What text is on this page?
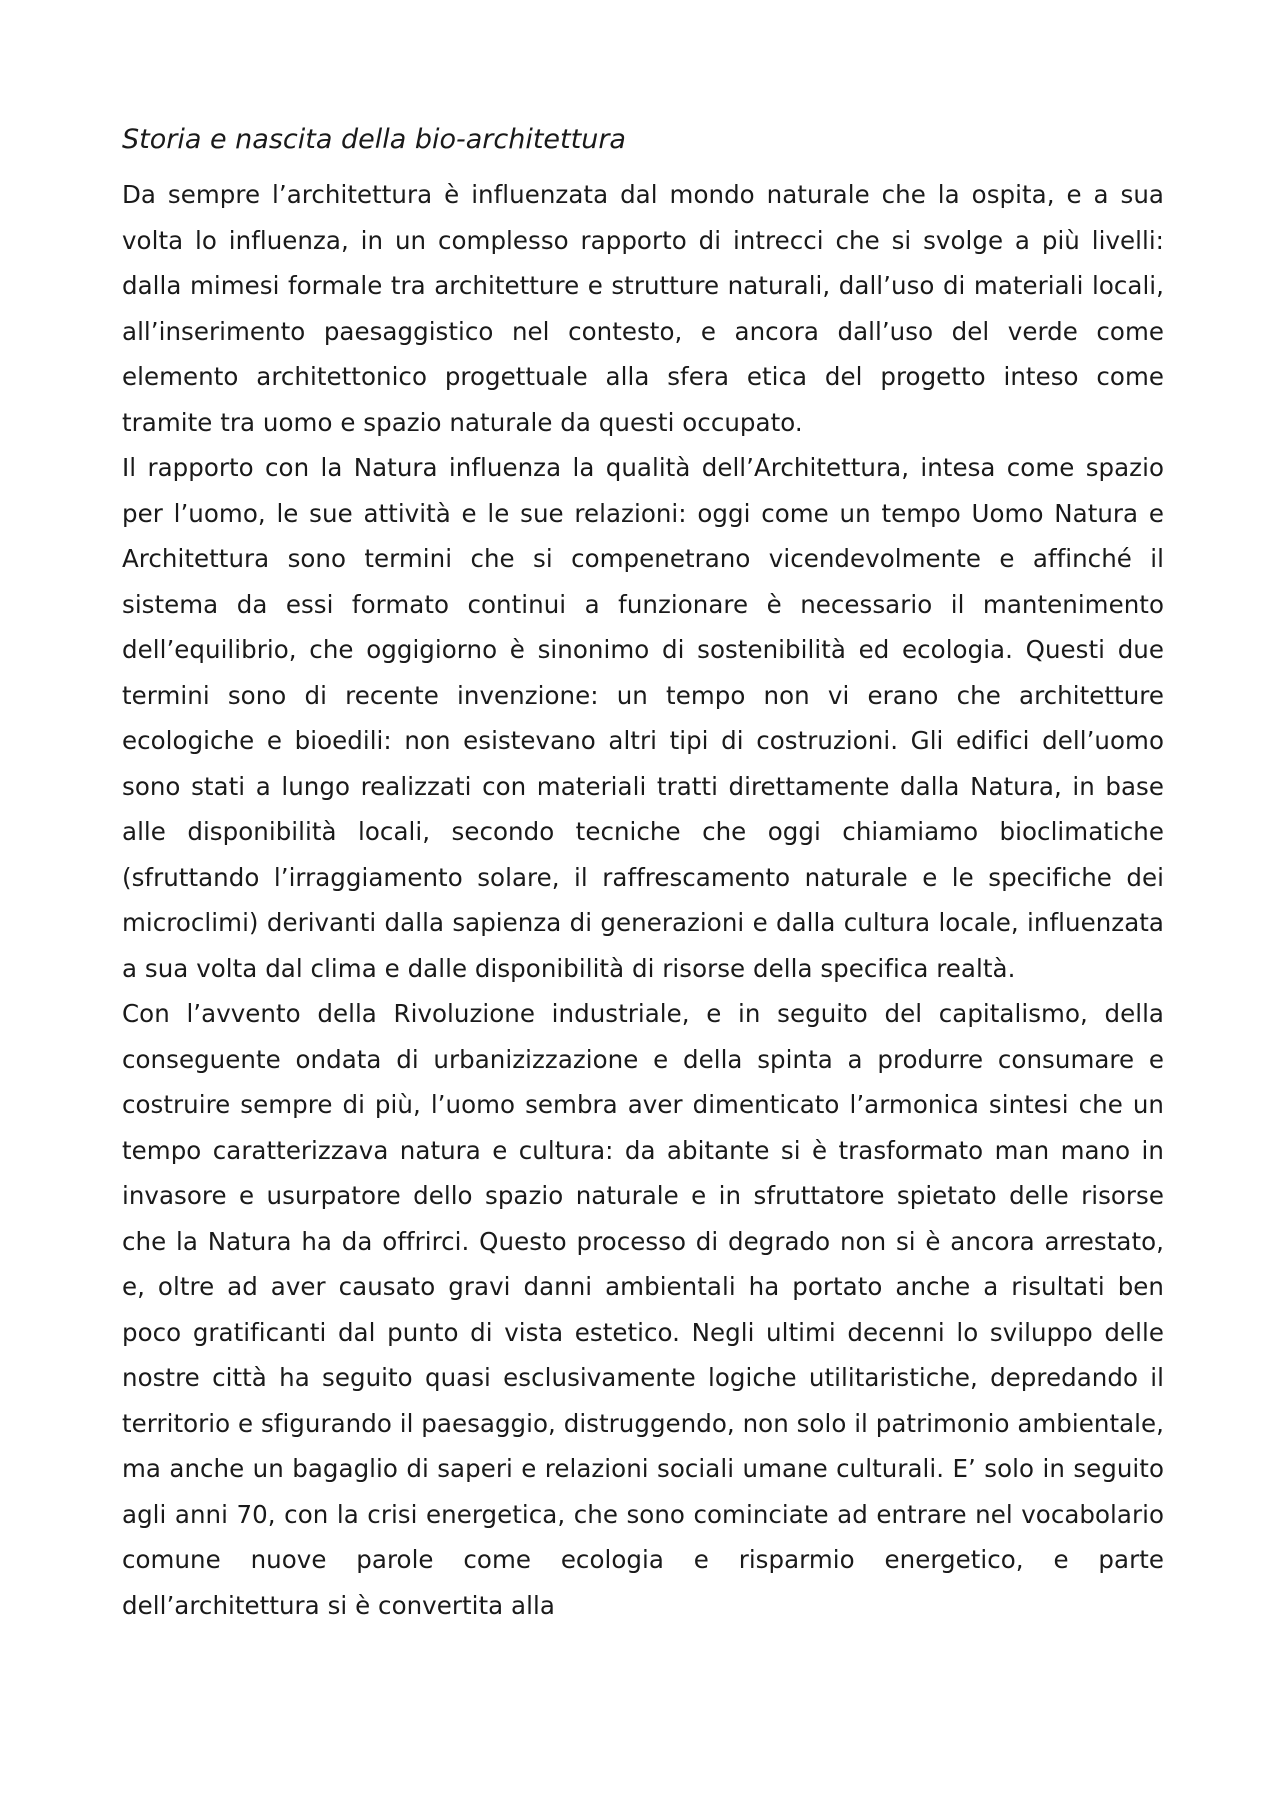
Storia e nascita della bio-architettura

Da sempre l’architettura è influenzata dal mondo naturale che la ospita, e a sua volta lo influenza, in un complesso rapporto di intrecci che si svolge a più livelli: dalla mimesi formale tra architetture e strutture naturali, dall’uso di materiali locali, all’inserimento paesaggistico nel contesto, e ancora dall’uso del verde come elemento architettonico progettuale alla sfera etica del progetto inteso come tramite tra uomo e spazio naturale da questi occupato.

Il rapporto con la Natura influenza la qualità dell’Architettura, intesa come spazio per l’uomo, le sue attività e le sue relazioni: oggi come un tempo Uomo Natura e Architettura sono termini che si compenetrano vicendevolmente e affinché il sistema da essi formato continui a funzionare è necessario il mantenimento dell’equilibrio, che oggigiorno è sinonimo di sostenibilità ed ecologia. Questi due termini sono di recente invenzione: un tempo non vi erano che architetture ecologiche e bioedili: non esistevano altri tipi di costruzioni. Gli edifici dell’uomo sono stati a lungo realizzati con materiali tratti direttamente dalla Natura, in base alle disponibilità locali, secondo tecniche che oggi chiamiamo bioclimatiche (sfruttando l’irraggiamento solare, il raffrescamento naturale e le specifiche dei microclimi) derivanti dalla sapienza di generazioni e dalla cultura locale, influenzata a sua volta dal clima e dalle disponibilità di risorse della specifica realtà.

Con l’avvento della Rivoluzione industriale, e in seguito del capitalismo, della conseguente ondata di urbanizizzazione e della spinta a produrre consumare e costruire sempre di più, l’uomo sembra aver dimenticato l’armonica sintesi che un tempo caratterizzava natura e cultura: da abitante si è trasformato man mano in invasore e usurpatore dello spazio naturale e in sfruttatore spietato delle risorse che la Natura ha da offrirci. Questo processo di degrado non si è ancora arrestato, e, oltre ad aver causato gravi danni ambientali ha portato anche a risultati ben poco gratificanti dal punto di vista estetico. Negli ultimi decenni lo sviluppo delle nostre città ha seguito quasi esclusivamente logiche utilitaristiche, depredando il territorio e sfigurando il paesaggio, distruggendo, non solo il patrimonio ambientale, ma anche un bagaglio di saperi e relazioni sociali umane culturali. E’ solo in seguito agli anni 70, con la crisi energetica, che sono cominciate ad entrare nel vocabolario comune nuove parole come ecologia e risparmio energetico, e parte dell’architettura si è convertita alla
